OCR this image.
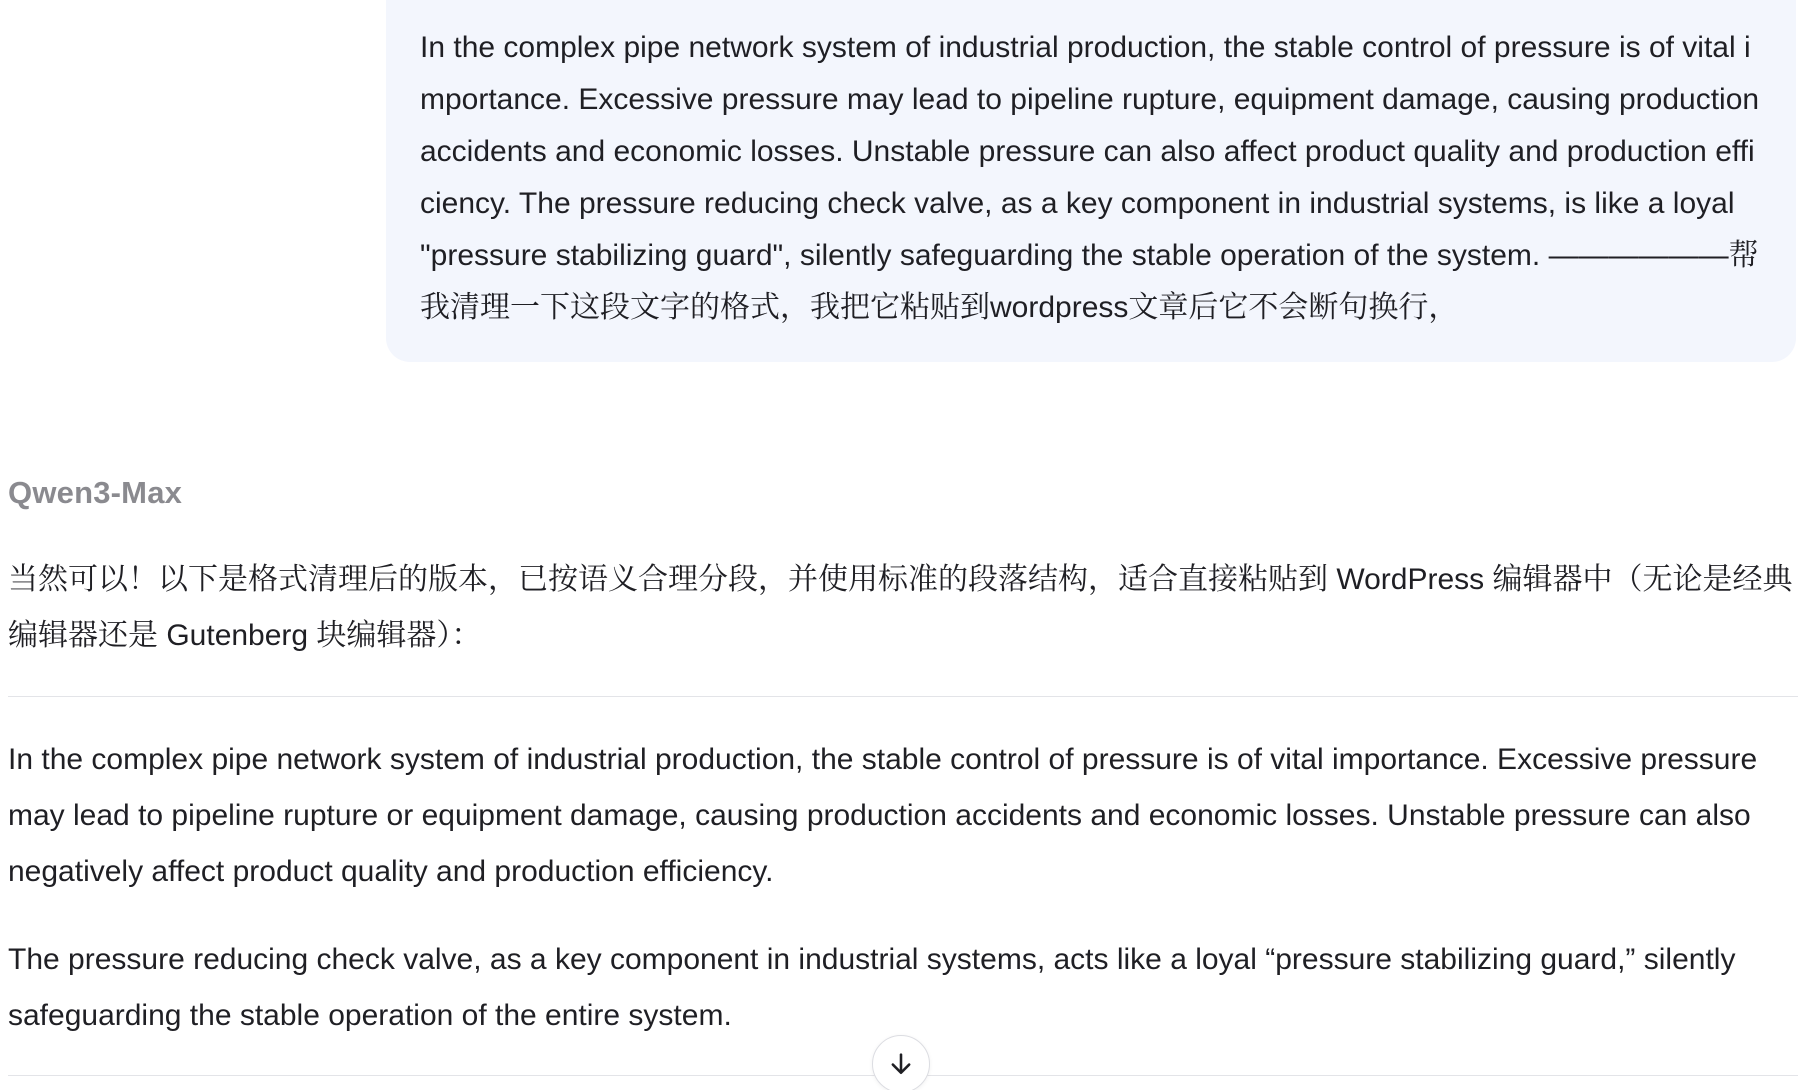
In the complex pipe network system of industrial production, the stable control of pressure is of vital importance. Excessive pressure may lead to pipeline rupture, equipment damage, causing production accidents and economic losses. Unstable pressure can also affect product quality and production efficiency. The pressure reducing check valve, as a key component in industrial systems, is like a loyal "pressure stabilizing guard", silently safeguarding the stable operation of the system. ——————帮我清理一下这段文字的格式，我把它粘贴到wordpress文章后它不会断句换行，

Qwen3-Max

当然可以！以下是格式清理后的版本，已按语义合理分段，并使用标准的段落结构，适合直接粘贴到 WordPress 编辑器中（无论是经典编辑器还是 Gutenberg 块编辑器）：

In the complex pipe network system of industrial production, the stable control of pressure is of vital importance. Excessive pressure may lead to pipeline rupture or equipment damage, causing production accidents and economic losses. Unstable pressure can also negatively affect product quality and production efficiency.

The pressure reducing check valve, as a key component in industrial systems, acts like a loyal “pressure stabilizing guard,” silently safeguarding the stable operation of the entire system.
